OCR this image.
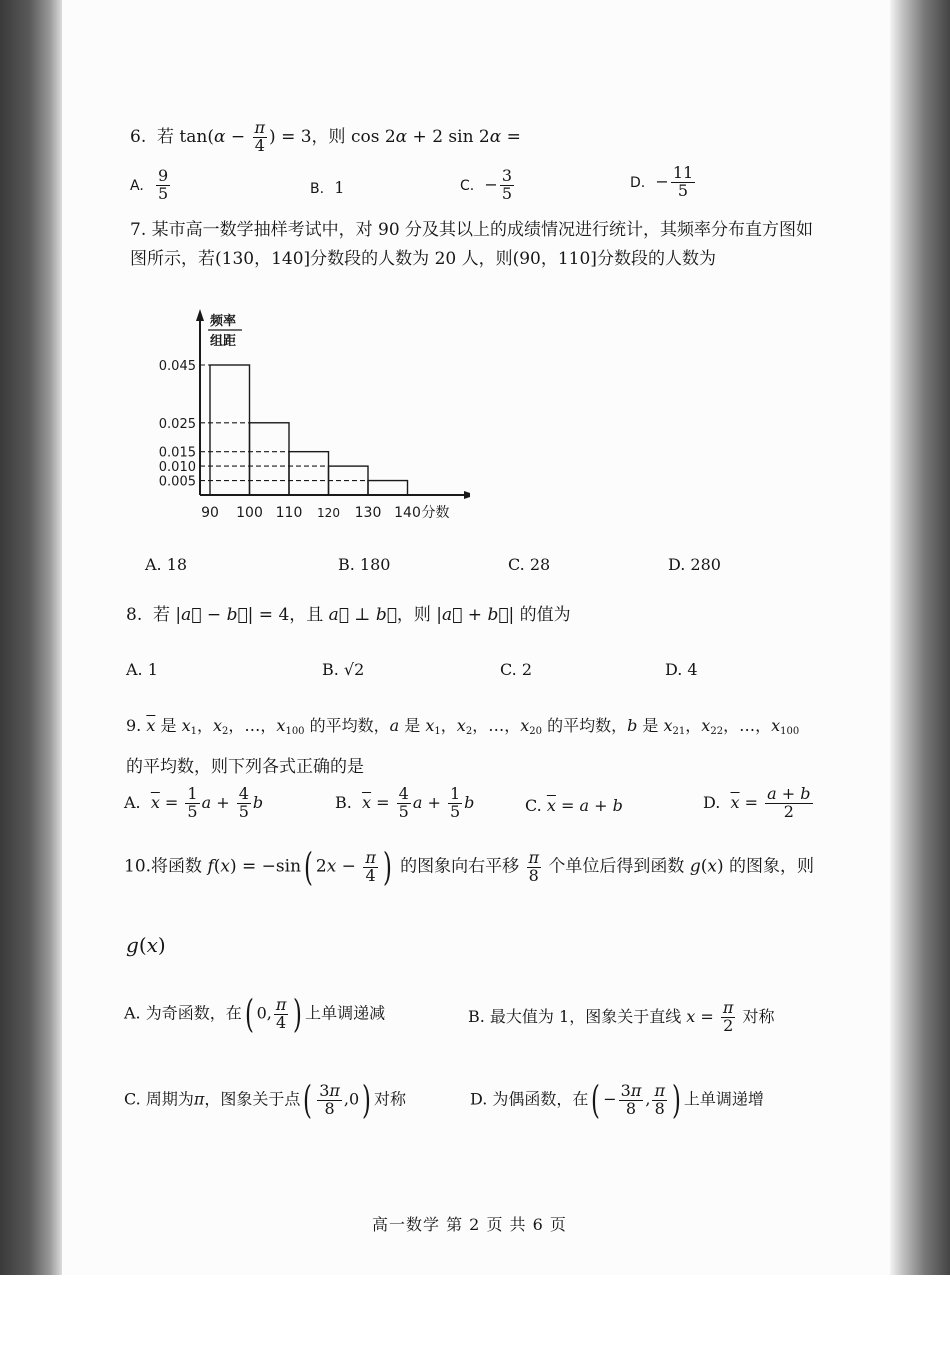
6.  若 $\tan(\alpha - \frac{\pi}{4}$ ) = 3，则 cos 2α + 2 sin 2α =
A. $\frac{9}{5}$	B. 1	C. − $\frac{3}{5}$	D. − $\frac{11}{5}$
7. 某市高一数学抽样考试中，对 90 分及其以上的成绩情况进行统计，其频率分布直方图如
图所示，若(130，140]分数段的人数为 20 人，则(90，110]分数段的人数为
频率
组距
0.045
0.025
0.015
0.010
0.005
90 100 110 120 130 140 分数
A. 18	B. 180	C. 28	D. 280
8.  若 |a⃗ − b⃗| = 4，且 a⃗ ⊥ b⃗，则 |a⃗ + b⃗| 的值为
A. 1	B. √2	C. 2	D. 4
9. $\overline{x}$ 是 $x_1$，$x_2$，…，$x_{100}$ 的平均数，a 是 $x_1$，$x_2$，…，$x_{20}$ 的平均数，b 是 $x_{21}$，$x_{22}$，…，$x_{100}$
的平均数，则下列各式正确的是
A.  $\overline{x} = \frac{1}{5}$ $a + \frac{4}{5}$ b	B.  $\overline{x} = \frac{4}{5}$ $a + \frac{1}{5}$ b	C. $\overline{x} = a + b$	D.  $\overline{x} = \frac{a + b}{2}$
10.将函数 f(x) = −sin( $2x - \frac{\pi}{4}$ ) 的图象向右平移 $\frac{\pi}{8}$ 个单位后得到函数 g(x) 的图象，则
g(x)
A. 为奇函数，在( 0, $\frac{\pi}{4}$ ) 上单调递减	B. 最大值为 1，图象关于直线 $x = \frac{\pi}{2}$ 对称
C. 周期为π，图象关于点( $\frac{3\pi}{8} ,0$) 对称	D. 为偶函数，在( − $\frac{3\pi}{8}$ , $\frac{\pi}{8}$ ) 上单调递增
高一数学 第 2 页 共 6 页
